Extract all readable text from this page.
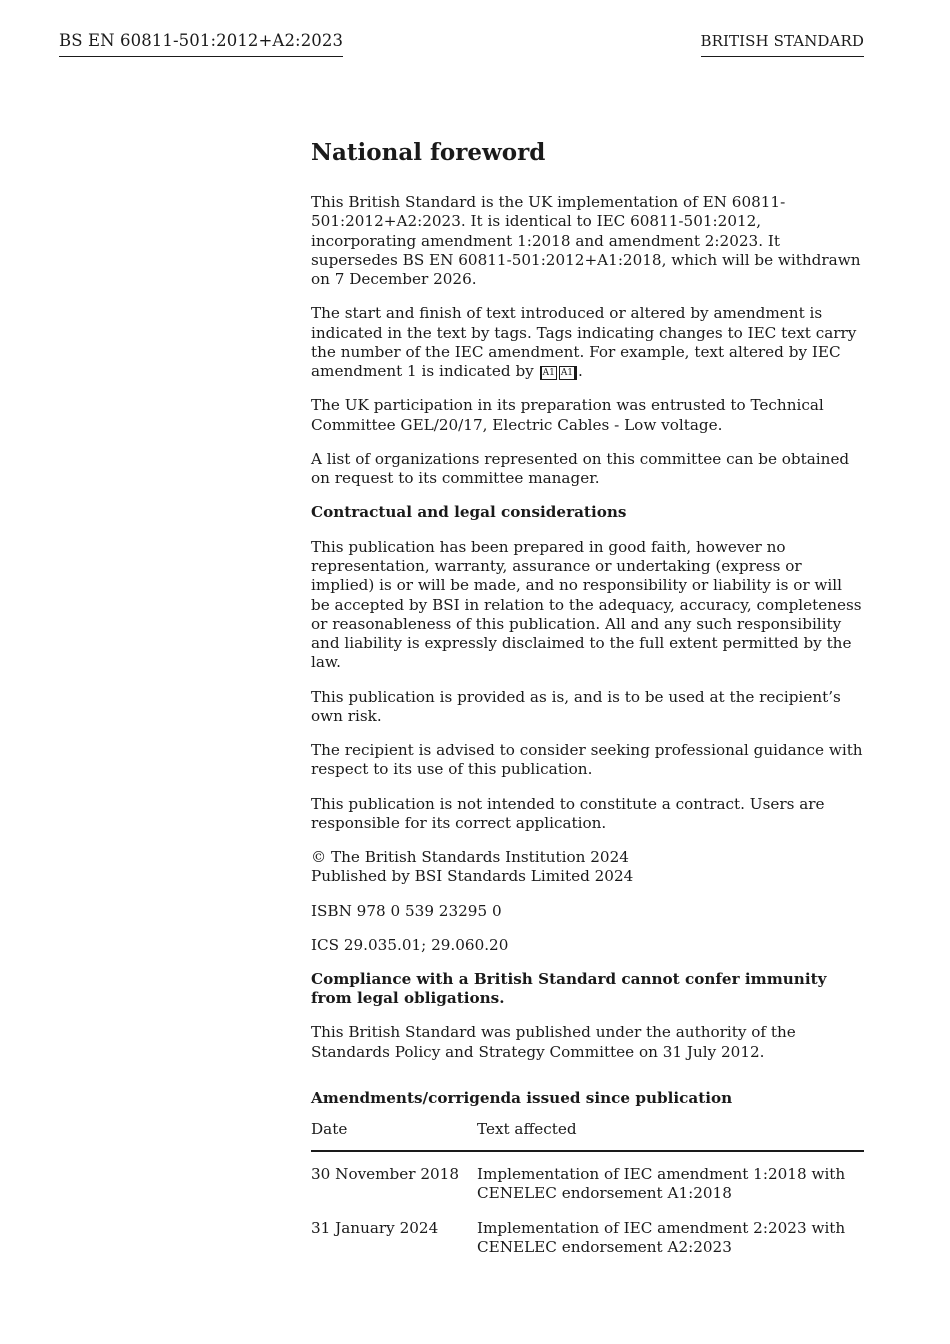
BS EN 60811-501:2012+A2:2023	BRITISH STANDARD
National foreword

This British Standard is the UK implementation of EN 60811-501:2012+A2:2023. It is identical to IEC 60811-501:2012, incorporating amendment 1:2018 and amendment 2:2023. It supersedes BS EN 60811-501:2012+A1:2018, which will be withdrawn on 7 December 2026.

The start and finish of text introduced or altered by amendment is indicated in the text by tags. Tags indicating changes to IEC text carry the number of the IEC amendment. For example, text altered by IEC amendment 1 is indicated by A1 A1 .

The UK participation in its preparation was entrusted to Technical Committee GEL/20/17, Electric Cables - Low voltage.

A list of organizations represented on this committee can be obtained on request to its committee manager.

Contractual and legal considerations

This publication has been prepared in good faith, however no representation, warranty, assurance or undertaking (express or implied) is or will be made, and no responsibility or liability is or will be accepted by BSI in relation to the adequacy, accuracy, completeness or reasonableness of this publication. All and any such responsibility and liability is expressly disclaimed to the full extent permitted by the law.

This publication is provided as is, and is to be used at the recipient’s own risk.

The recipient is advised to consider seeking professional guidance with respect to its use of this publication.

This publication is not intended to constitute a contract. Users are responsible for its correct application.

© The British Standards Institution 2024
Published by BSI Standards Limited 2024

ISBN 978 0 539 23295 0

ICS 29.035.01; 29.060.20

Compliance with a British Standard cannot confer immunity from legal obligations.

This British Standard was published under the authority of the Standards Policy and Strategy Committee on 31 July 2012.

Amendments/corrigenda issued since publication
Date	Text affected
30 November 2018	Implementation of IEC amendment 1:2018 with CENELEC endorsement A1:2018
31 January 2024	Implementation of IEC amendment 2:2023 with CENELEC endorsement A2:2023
